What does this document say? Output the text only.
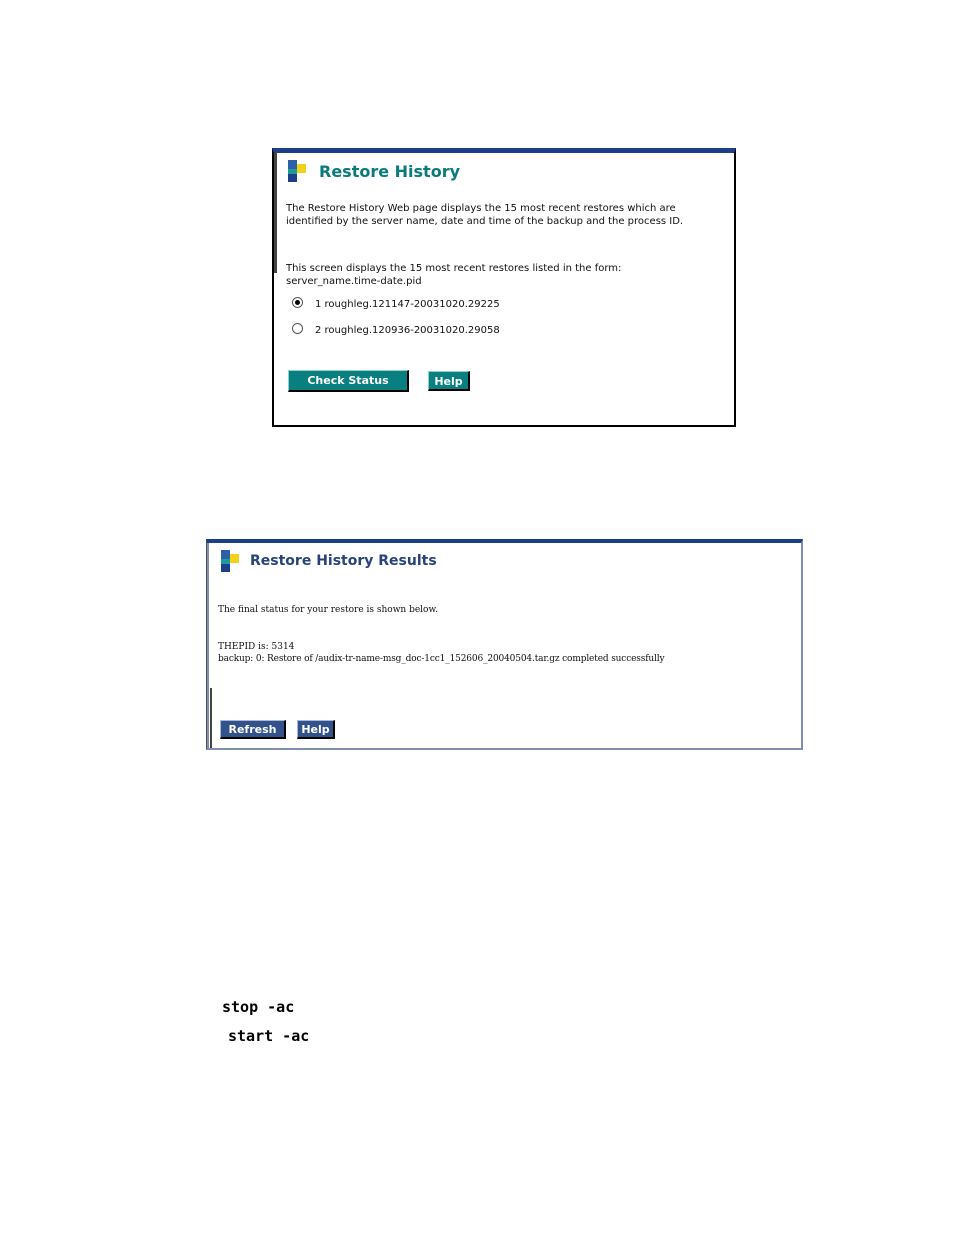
Restore History
The Restore History Web page displays the 15 most recent restores which are identified by the server name, date and time of the backup and the process ID.
This screen displays the 15 most recent restores listed in the form:
server_name.time-date.pid
1 roughleg.121147-20031020.29225
2 roughleg.120936-20031020.29058
Check Status	Help
Restore History Results
The final status for your restore is shown below.
THEPID is: 5314
backup: 0: Restore of /audix-tr-name-msg_doc-1cc1_152606_20040504.tar.gz completed successfully
Refresh	Help
stop -ac
start -ac
